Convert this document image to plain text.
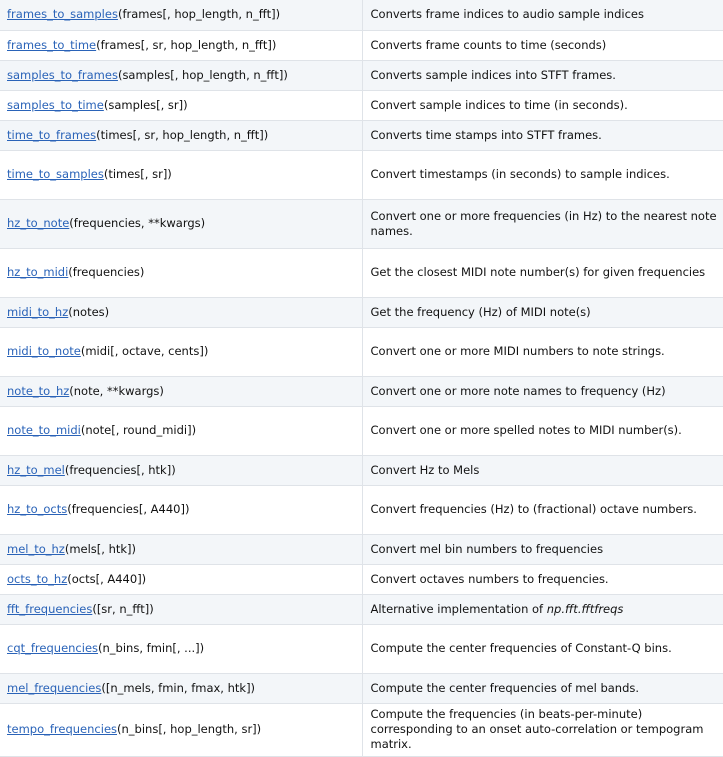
frames_to_samples(frames[, hop_length, n_fft])	Converts frame indices to audio sample indices
frames_to_time(frames[, sr, hop_length, n_fft])	Converts frame counts to time (seconds)
samples_to_frames(samples[, hop_length, n_fft])	Converts sample indices into STFT frames.
samples_to_time(samples[, sr])	Convert sample indices to time (in seconds).
time_to_frames(times[, sr, hop_length, n_fft])	Converts time stamps into STFT frames.
time_to_samples(times[, sr])	Convert timestamps (in seconds) to sample indices.
hz_to_note(frequencies, **kwargs)	Convert one or more frequencies (in Hz) to the nearest note names.
hz_to_midi(frequencies)	Get the closest MIDI note number(s) for given frequencies
midi_to_hz(notes)	Get the frequency (Hz) of MIDI note(s)
midi_to_note(midi[, octave, cents])	Convert one or more MIDI numbers to note strings.
note_to_hz(note, **kwargs)	Convert one or more note names to frequency (Hz)
note_to_midi(note[, round_midi])	Convert one or more spelled notes to MIDI number(s).
hz_to_mel(frequencies[, htk])	Convert Hz to Mels
hz_to_octs(frequencies[, A440])	Convert frequencies (Hz) to (fractional) octave numbers.
mel_to_hz(mels[, htk])	Convert mel bin numbers to frequencies
octs_to_hz(octs[, A440])	Convert octaves numbers to frequencies.
fft_frequencies([sr, n_fft])	Alternative implementation of np.fft.fftfreqs
cqt_frequencies(n_bins, fmin[, ...])	Compute the center frequencies of Constant-Q bins.
mel_frequencies([n_mels, fmin, fmax, htk])	Compute the center frequencies of mel bands.
tempo_frequencies(n_bins[, hop_length, sr])	Compute the frequencies (in beats-per-minute) corresponding to an onset auto-correlation or tempogram matrix.
